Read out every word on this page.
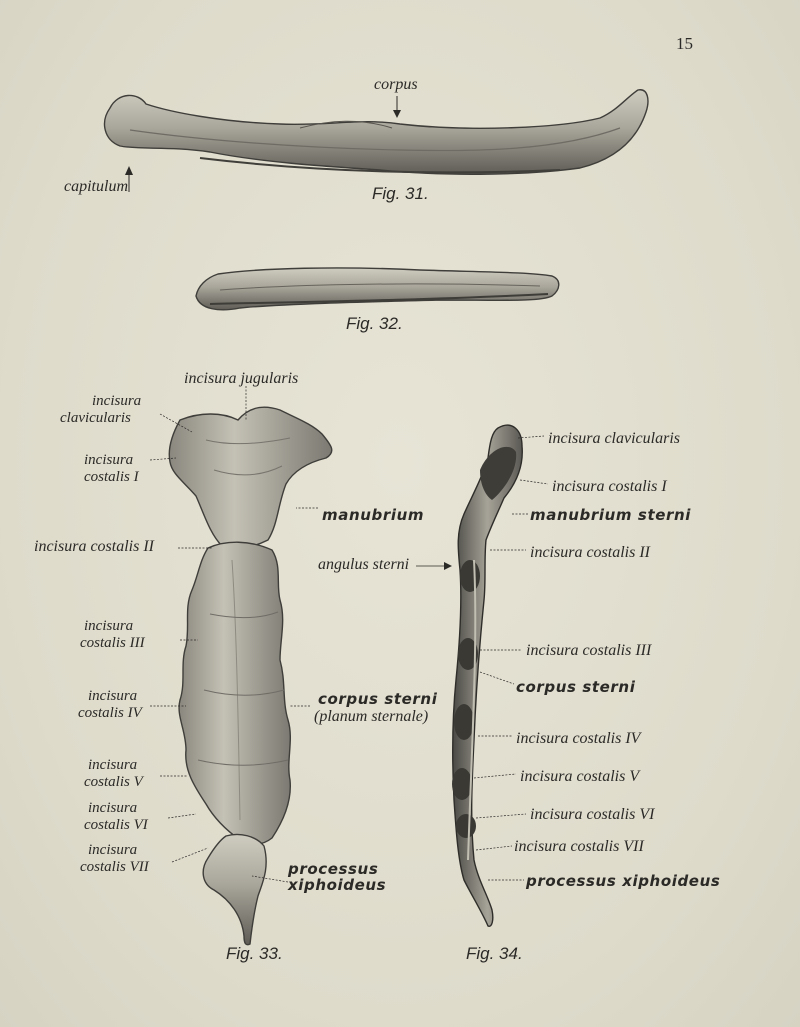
15
corpus
capitulum	Fig. 31.
Fig. 32.
incisura jugularis
incisura
clavicularis
incisura
costalis I
incisura costalis II
incisura
costalis III
incisura
costalis IV
incisura
costalis V
incisura
costalis VI
incisura
costalis VII
manubrium
angulus sterni
corpus sterni
(planum sternale)
processus
xiphoideus
Fig. 33.
incisura clavicularis
incisura costalis I
manubrium sterni
incisura costalis II
incisura costalis III
corpus sterni
incisura costalis IV
incisura costalis V
incisura costalis VI
incisura costalis VII
processus xiphoideus
Fig. 34.
